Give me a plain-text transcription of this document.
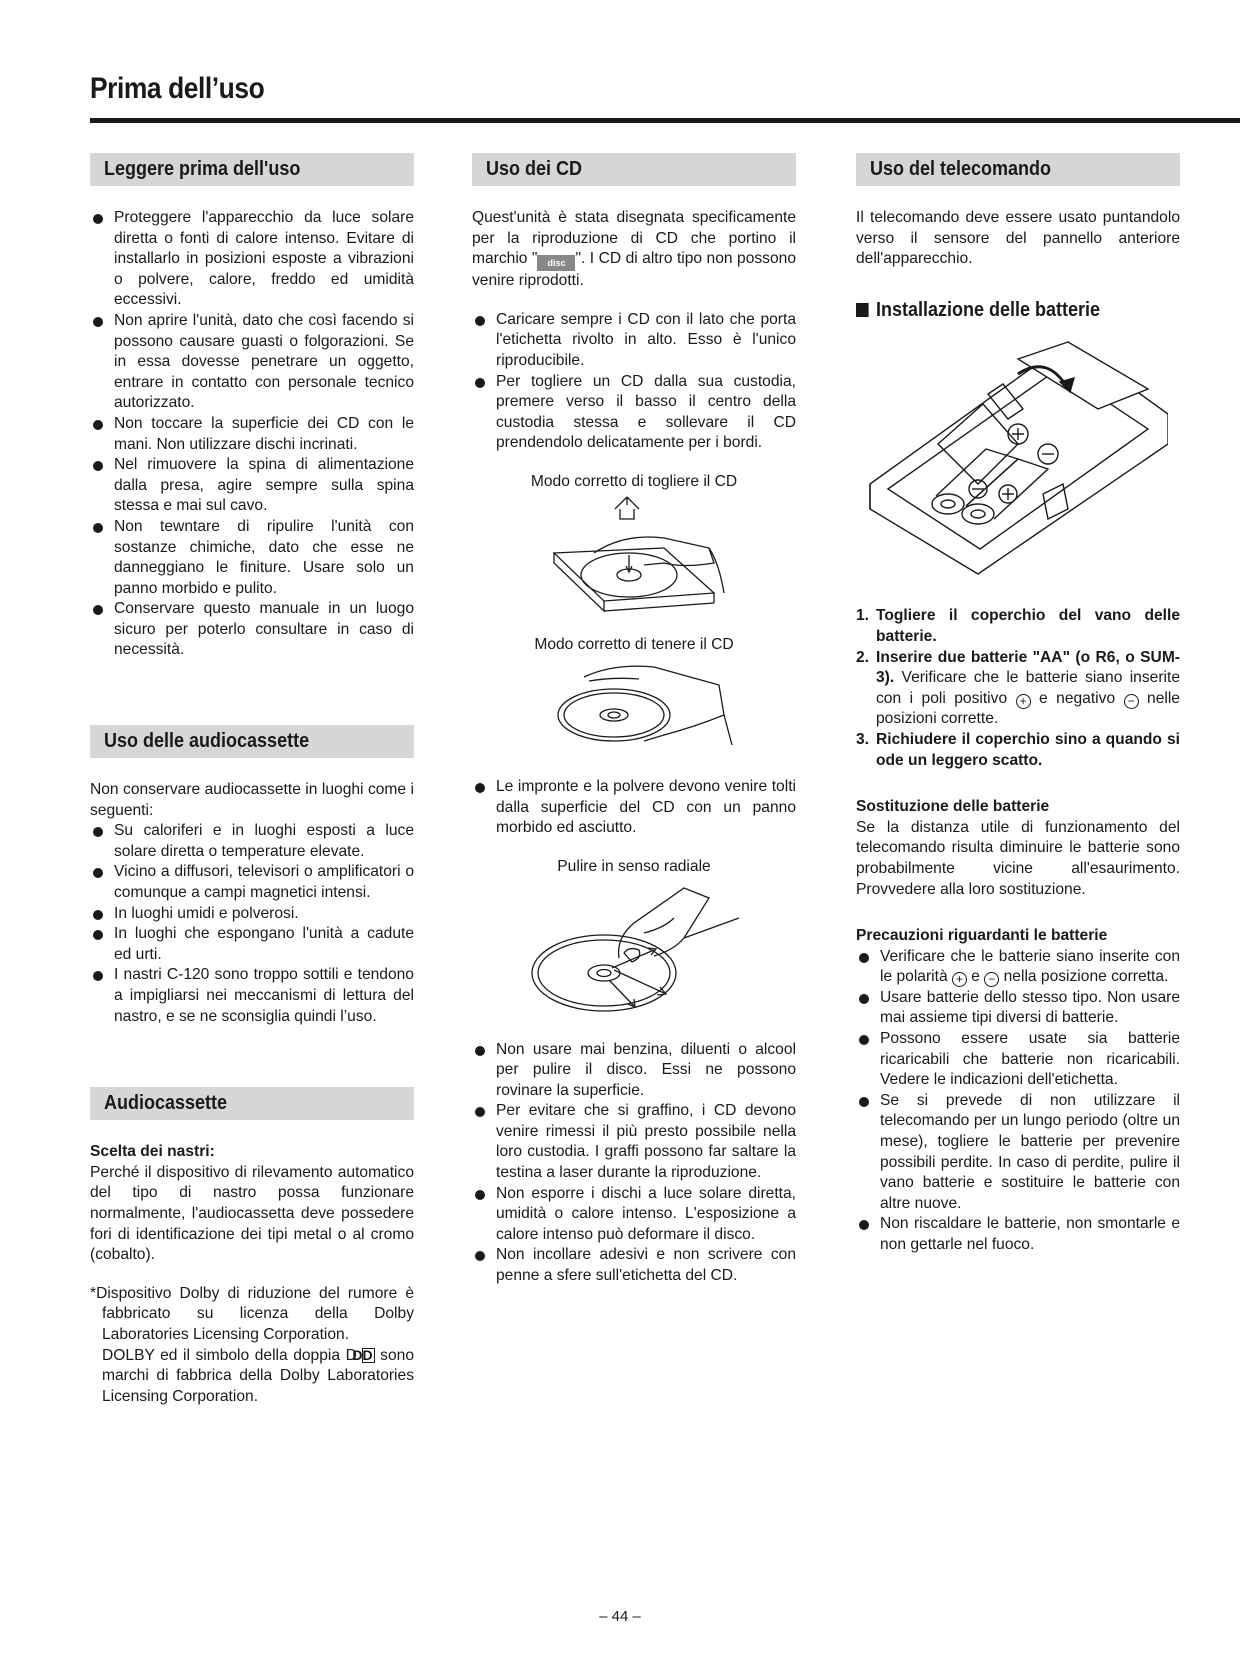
Prima dell’uso
Leggere prima dell'uso
Proteggere l'apparecchio da luce solare diretta o fonti di calore intenso. Evitare di installarlo in posizioni esposte a vibrazioni o polvere, calore, freddo ed umidità eccessivi.
Non aprire l'unità, dato che così facendo si possono causare guasti o folgorazioni. Se in essa dovesse penetrare un oggetto, entrare in contatto con personale tecnico autorizzato.
Non toccare la superficie dei CD con le mani. Non utilizzare dischi incrinati.
Nel rimuovere la spina di alimentazione dalla presa, agire sempre sulla spina stessa e mai sul cavo.
Non tewntare di ripulire l'unità con sostanze chimiche, dato che esse ne danneggiano le finiture. Usare solo un panno morbido e pulito.
Conservare questo manuale in un luogo sicuro per poterlo consultare in caso di necessità.
Uso delle audiocassette

Non conservare audiocassette in luoghi come i seguenti:

Su caloriferi e in luoghi esposti a luce solare diretta o temperature elevate.
Vicino a diffusori, televisori o amplificatori o comunque a campi magnetici intensi.
In luoghi umidi e polverosi.
In luoghi che espongano l'unità a cadute ed urti.
I nastri C-120 sono troppo sottili e tendono a impigliarsi nei meccanismi di lettura del nastro, e se ne sconsiglia quindi l’uso.
Audiocassette
Scelta dei nastri:

Perché il dispositivo di rilevamento automatico del tipo di nastro possa funzionare normalmente, l'audiocassetta deve possedere fori di identificazione dei tipi metal o al cromo (cobalto).

*Dispositivo Dolby di riduzione del rumore è fabbricato su licenza della Dolby Laboratories Licensing Corporation.
DOLBY ed il simbolo della doppia D DD sono marchi di fabbrica della Dolby Laboratories Licensing Corporation.

Uso dei CD

Quest'unità è stata disegnata specificamente per la riproduzione di CD che portino il marchio " disc ". I CD di altro tipo non possono venire riprodotti.

Caricare sempre i CD con il lato che porta l'etichetta rivolto in alto. Esso è l'unico riproducibile.
Per togliere un CD dalla sua custodia, premere verso il basso il centro della custodia stessa e sollevare il CD prendendolo delicatamente per i bordi.

Modo corretto di togliere il CD

Modo corretto di tenere il CD

Le impronte e la polvere devono venire tolti dalla superficie del CD con un panno morbido ed asciutto.

Pulire in senso radiale

Non usare mai benzina, diluenti o alcool per pulire il disco. Essi ne possono rovinare la superficie.
Per evitare che si graffino, i CD devono venire rimessi il più presto possibile nella loro custodia. I graffi possono far saltare la testina a laser durante la riproduzione.
Non esporre i dischi a luce solare diretta, umidità o calore intenso. L'esposizione a calore intenso può deformare il disco.
Non incollare adesivi e non scrivere con penne a sfere sull'etichetta del CD.
Uso del telecomando

Il telecomando deve essere usato puntandolo verso il sensore del pannello anteriore dell'apparecchio.

Installazione delle batterie
1. Togliere il coperchio del vano delle batterie.
2. Inserire due batterie "AA" (o R6, o SUM-3). Verificare che le batterie siano inserite con i poli positivo + e negativo − nelle posizioni corrette.
3. Richiudere il coperchio sino a quando si ode un leggero scatto.
Sostituzione delle batterie

Se la distanza utile di funzionamento del telecomando risulta diminuire le batterie sono probabilmente vicine all'esaurimento. Provvedere alla loro sostituzione.

Precauzioni riguardanti le batterie
Verificare che le batterie siano inserite con le polarità + e − nella posizione corretta.
Usare batterie dello stesso tipo. Non usare mai assieme tipi diversi di batterie.
Possono essere usate sia batterie ricaricabili che batterie non ricaricabili. Vedere le indicazioni dell'etichetta.
Se si prevede di non utilizzare il telecomando per un lungo periodo (oltre un mese), togliere le batterie per prevenire possibili perdite. In caso di perdite, pulire il vano batterie e sostituire le batterie con altre nuove.
Non riscaldare le batterie, non smontarle e non gettarle nel fuoco.
– 44 –
